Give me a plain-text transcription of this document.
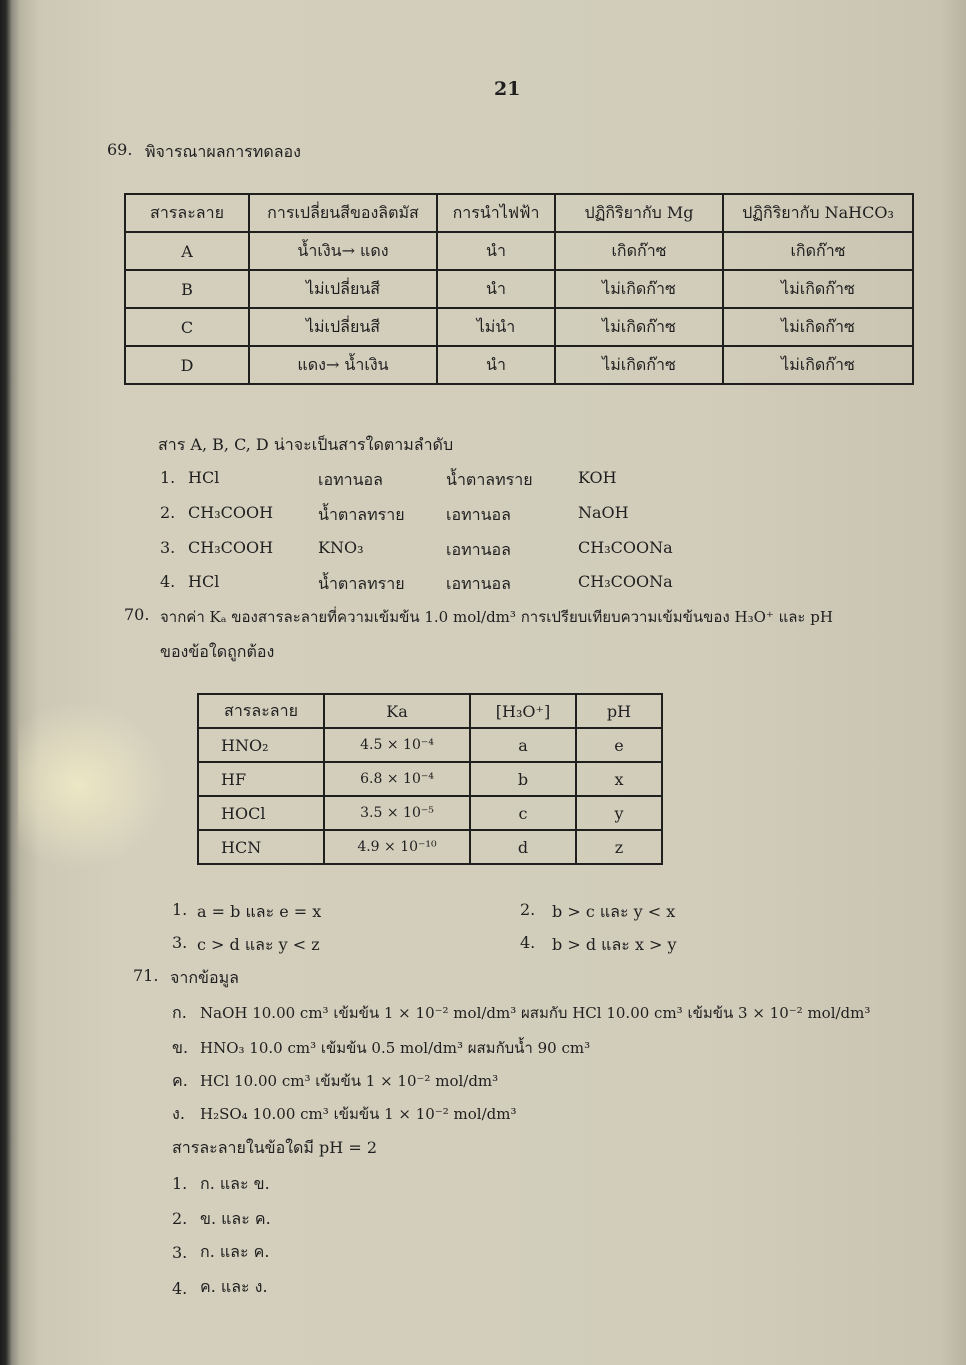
21
69. พิจารณาผลการทดลอง
สารละลาย	การเปลี่ยนสีของลิตมัส	การนำไฟฟ้า	ปฏิกิริยากับ Mg	ปฏิกิริยากับ NaHCO₃
A	น้ำเงิน→ แดง	นำ	เกิดก๊าซ	เกิดก๊าซ
B	ไม่เปลี่ยนสี	นำ	ไม่เกิดก๊าซ	ไม่เกิดก๊าซ
C	ไม่เปลี่ยนสี	ไม่นำ	ไม่เกิดก๊าซ	ไม่เกิดก๊าซ
D	แดง→ น้ำเงิน	นำ	ไม่เกิดก๊าซ	ไม่เกิดก๊าซ
สาร A, B, C, D น่าจะเป็นสารใดตามลำดับ
1. HCl	เอทานอล	น้ำตาลทราย	KOH
2. CH₃COOH	น้ำตาลทราย	เอทานอล	NaOH
3. CH₃COOH	KNO₃	เอทานอล	CH₃COONa
4. HCl	น้ำตาลทราย	เอทานอล	CH₃COONa
70. จากค่า Kₐ ของสารละลายที่ความเข้มข้น 1.0 mol/dm³ การเปรียบเทียบความเข้มข้นของ H₃O⁺ และ pH
ของข้อใดถูกต้อง
สารละลาย	Ka	[H₃O⁺]	pH
HNO₂	4.5 × 10⁻⁴	a	e
HF	6.8 × 10⁻⁴	b	x
HOCl	3.5 × 10⁻⁵	c	y
HCN	4.9 × 10⁻¹⁰	d	z
1. a = b และ e = x	2. b > c และ y < x
3. c > d และ y < z	4. b > d และ x > y
71. จากข้อมูล
ก. NaOH 10.00 cm³ เข้มข้น 1 × 10⁻² mol/dm³ ผสมกับ HCl 10.00 cm³ เข้มข้น 3 × 10⁻² mol/dm³
ข. HNO₃ 10.0 cm³ เข้มข้น 0.5 mol/dm³ ผสมกับน้ำ 90 cm³
ค. HCl 10.00 cm³ เข้มข้น 1 × 10⁻² mol/dm³
ง. H₂SO₄ 10.00 cm³ เข้มข้น 1 × 10⁻² mol/dm³
สารละลายในข้อใดมี pH = 2
1. ก. และ ข.
2. ข. และ ค.
3. ก. และ ค.
4. ค. และ ง.
